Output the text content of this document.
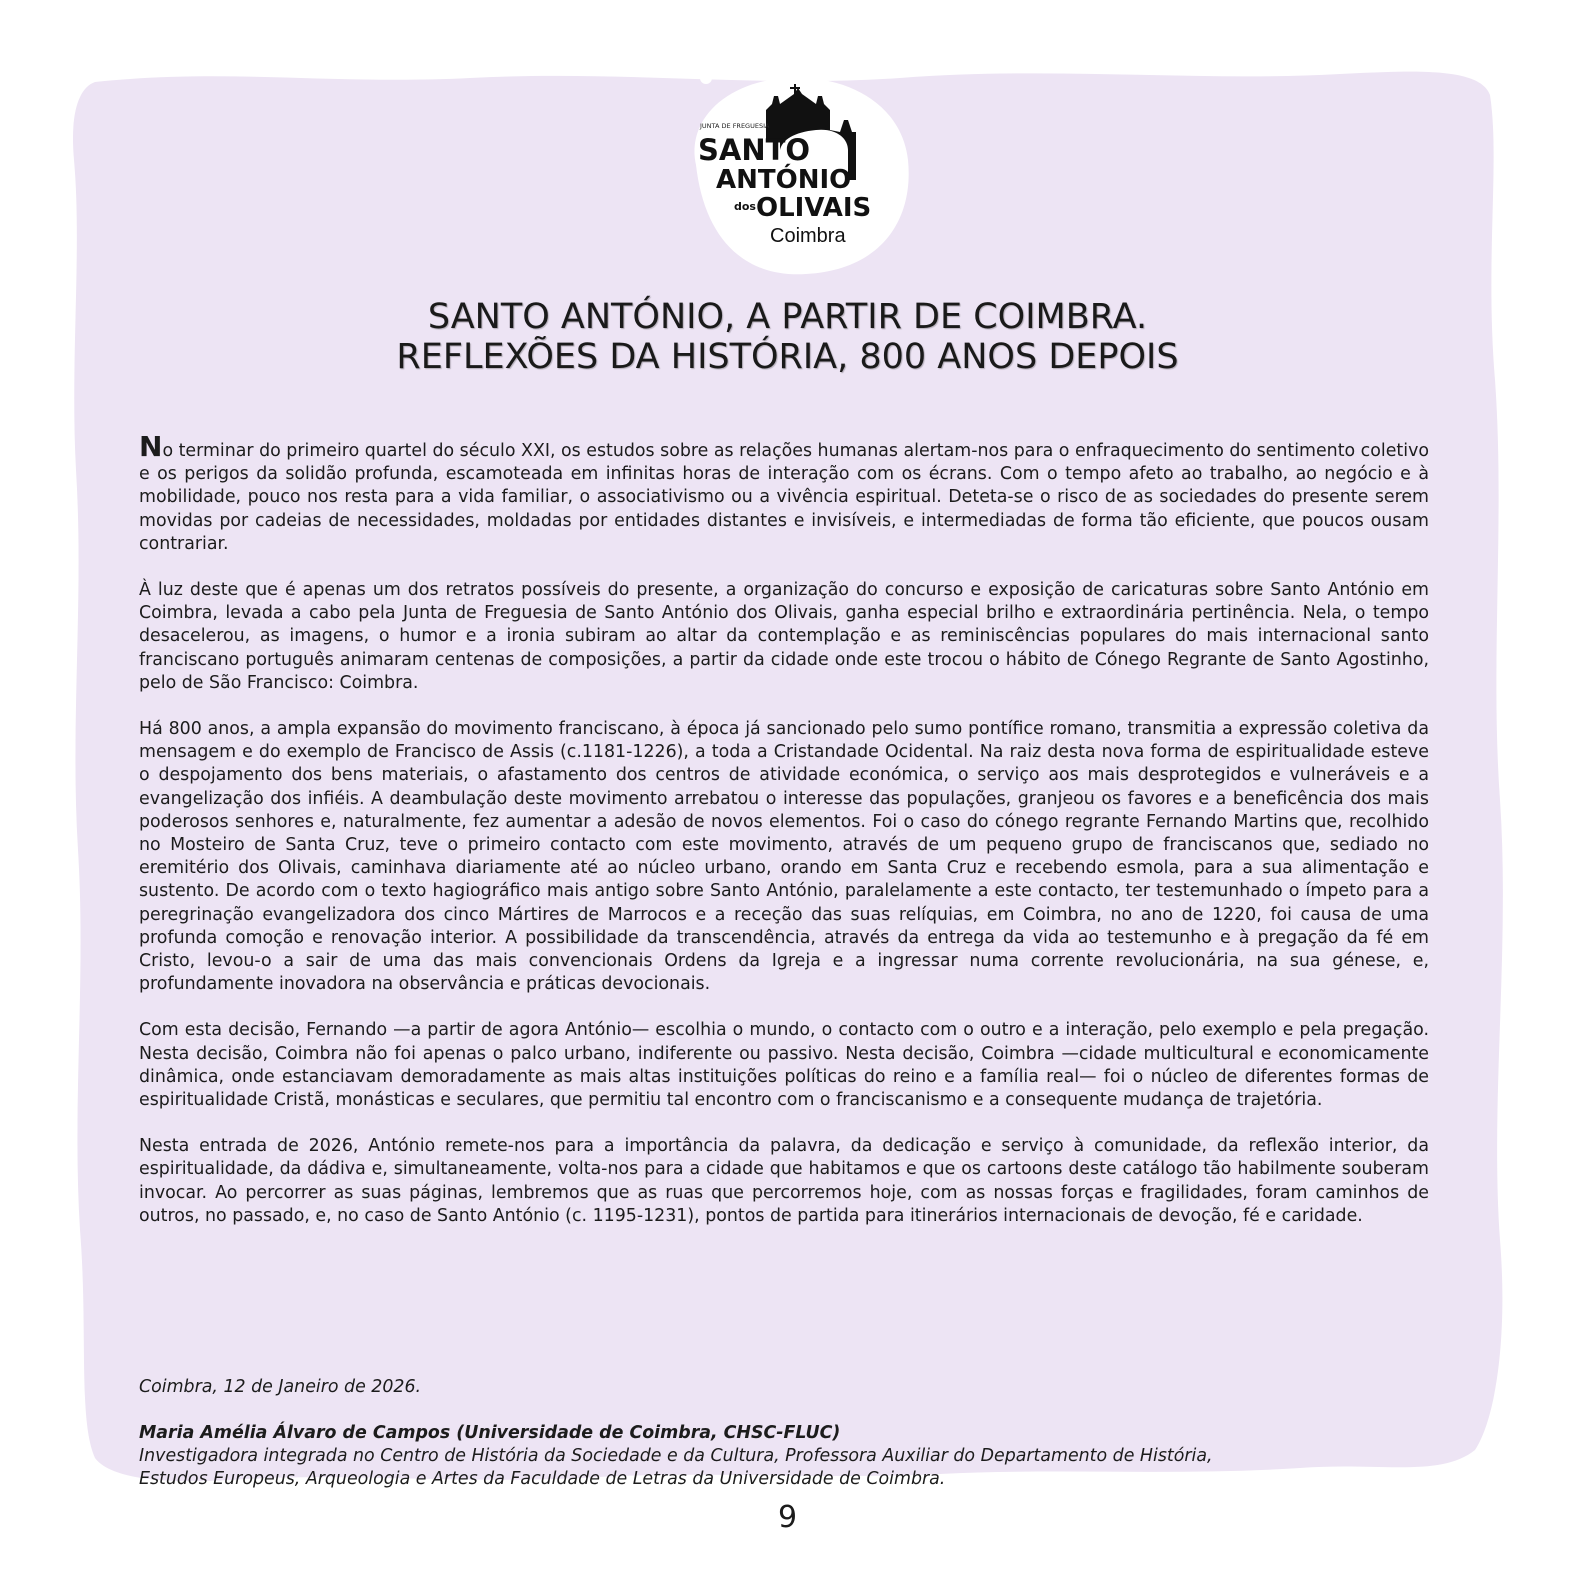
JUNTA DE FREGUESIA
SANTO
ANTÓNIO
dos OLIVAIS
Coimbra
SANTO ANTÓNIO, A PARTIR DE COIMBRA.
REFLEXÕES DA HISTÓRIA, 800 ANOS DEPOIS

No terminar do primeiro quartel do século XXI, os estudos sobre as relações humanas alertam-nos para o enfraquecimento do sentimento coletivo e os perigos da solidão profunda, escamoteada em infinitas horas de interação com os écrans. Com o tempo afeto ao trabalho, ao negócio e à mobilidade, pouco nos resta para a vida familiar, o associativismo ou a vivência espiritual. Deteta-se o risco de as sociedades do presente serem movidas por cadeias de necessidades, moldadas por entidades distantes e invisíveis, e intermediadas de forma tão eficiente, que poucos ousam contrariar.

À luz deste que é apenas um dos retratos possíveis do presente, a organização do concurso e exposição de caricaturas sobre Santo António em Coimbra, levada a cabo pela Junta de Freguesia de Santo António dos Olivais, ganha especial brilho e extraordinária pertinência. Nela, o tempo desacelerou, as imagens, o humor e a ironia subiram ao altar da contemplação e as reminiscências populares do mais internacional santo franciscano português animaram centenas de composições, a partir da cidade onde este trocou o hábito de Cónego Regrante de Santo Agostinho, pelo de São Francisco: Coimbra.

Há 800 anos, a ampla expansão do movimento franciscano, à época já sancionado pelo sumo pontífice romano, transmitia a expressão coletiva da mensagem e do exemplo de Francisco de Assis (c.1181-1226), a toda a Cristandade Ocidental. Na raiz desta nova forma de espiritualidade esteve o despojamento dos bens materiais, o afastamento dos centros de atividade económica, o serviço aos mais desprotegidos e vulneráveis e a evangelização dos infiéis. A deambulação deste movimento arrebatou o interesse das populações, granjeou os favores e a beneficência dos mais poderosos senhores e, naturalmente, fez aumentar a adesão de novos elementos. Foi o caso do cónego regrante Fernando Martins que, recolhido no Mosteiro de Santa Cruz, teve o primeiro contacto com este movimento, através de um pequeno grupo de franciscanos que, sediado no eremitério dos Olivais, caminhava diariamente até ao núcleo urbano, orando em Santa Cruz e recebendo esmola, para a sua alimentação e sustento. De acordo com o texto hagiográfico mais antigo sobre Santo António, paralelamente a este contacto, ter testemunhado o ímpeto para a peregrinação evangelizadora dos cinco Mártires de Marrocos e a receção das suas relíquias, em Coimbra, no ano de 1220, foi causa de uma profunda comoção e renovação interior. A possibilidade da transcendência, através da entrega da vida ao testemunho e à pregação da fé em Cristo, levou-o a sair de uma das mais convencionais Ordens da Igreja e a ingressar numa corrente revolucionária, na sua génese, e, profundamente inovadora na observância e práticas devocionais.

Com esta decisão, Fernando —a partir de agora António— escolhia o mundo, o contacto com o outro e a interação, pelo exemplo e pela pregação. Nesta decisão, Coimbra não foi apenas o palco urbano, indiferente ou passivo. Nesta decisão, Coimbra —cidade multicultural e economicamente dinâmica, onde estanciavam demoradamente as mais altas instituições políticas do reino e a família real— foi o núcleo de diferentes formas de espiritualidade Cristã, monásticas e seculares, que permitiu tal encontro com o franciscanismo e a consequente mudança de trajetória.

Nesta entrada de 2026, António remete-nos para a importância da palavra, da dedicação e serviço à comunidade, da reflexão interior, da espiritualidade, da dádiva e, simultaneamente, volta-nos para a cidade que habitamos e que os cartoons deste catálogo tão habilmente souberam invocar. Ao percorrer as suas páginas, lembremos que as ruas que percorremos hoje, com as nossas forças e fragilidades, foram caminhos de outros, no passado, e, no caso de Santo António (c. 1195-1231), pontos de partida para itinerários internacionais de devoção, fé e caridade.

Coimbra, 12 de Janeiro de 2026.
Maria Amélia Álvaro de Campos (Universidade de Coimbra, CHSC-FLUC)
Investigadora integrada no Centro de História da Sociedade e da Cultura, Professora Auxiliar do Departamento de História,
Estudos Europeus, Arqueologia e Artes da Faculdade de Letras da Universidade de Coimbra.
9
